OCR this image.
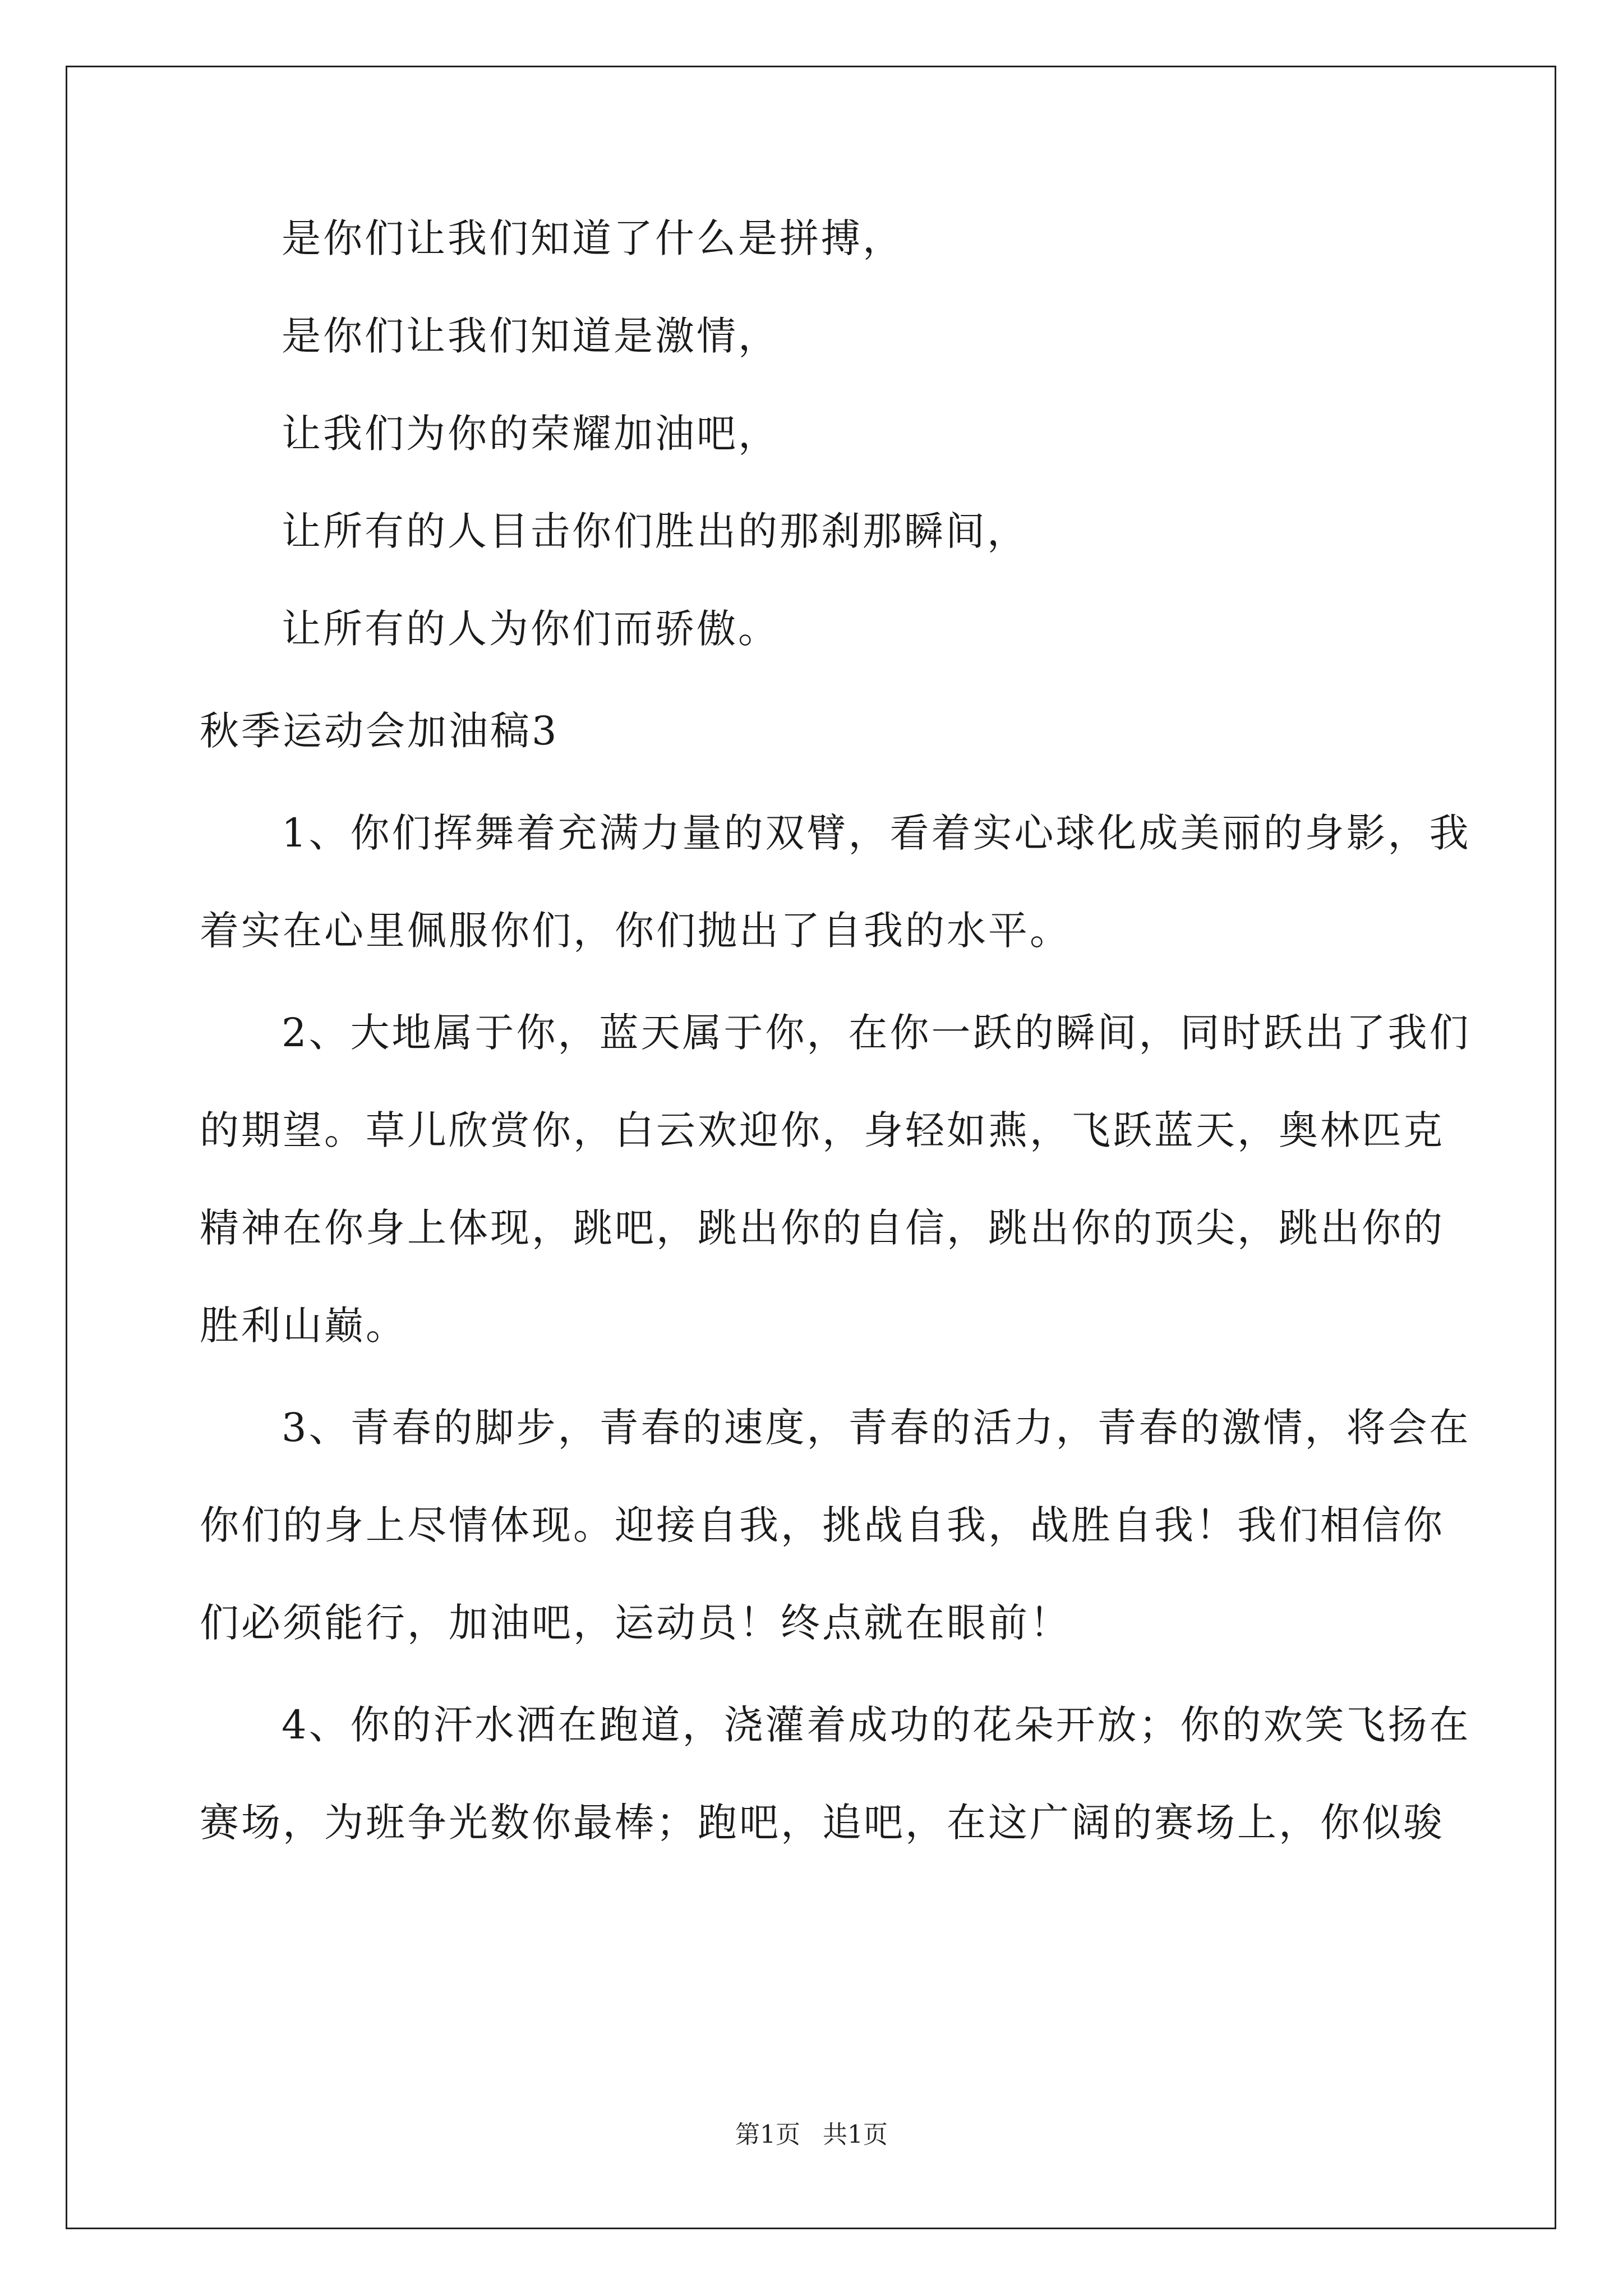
是你们让我们知道了什么是拼搏，
是你们让我们知道是激情，
让我们为你的荣耀加油吧，
让所有的人目击你们胜出的那刹那瞬间，
让所有的人为你们而骄傲。
秋季运动会加油稿3
1、你们挥舞着充满力量的双臂，看着实心球化成美丽的身影，我
着实在心里佩服你们，你们抛出了自我的水平。
2、大地属于你，蓝天属于你，在你一跃的瞬间，同时跃出了我们
的期望。草儿欣赏你，白云欢迎你，身轻如燕，飞跃蓝天，奥林匹克
精神在你身上体现，跳吧，跳出你的自信，跳出你的顶尖，跳出你的
胜利山巅。
3、青春的脚步，青春的速度，青春的活力，青春的激情，将会在
你们的身上尽情体现。迎接自我，挑战自我，战胜自我！我们相信你
们必须能行，加油吧，运动员！终点就在眼前！
4、你的汗水洒在跑道，浇灌着成功的花朵开放；你的欢笑飞扬在
赛场，为班争光数你最棒；跑吧，追吧，在这广阔的赛场上，你似骏
第1页 共1页
